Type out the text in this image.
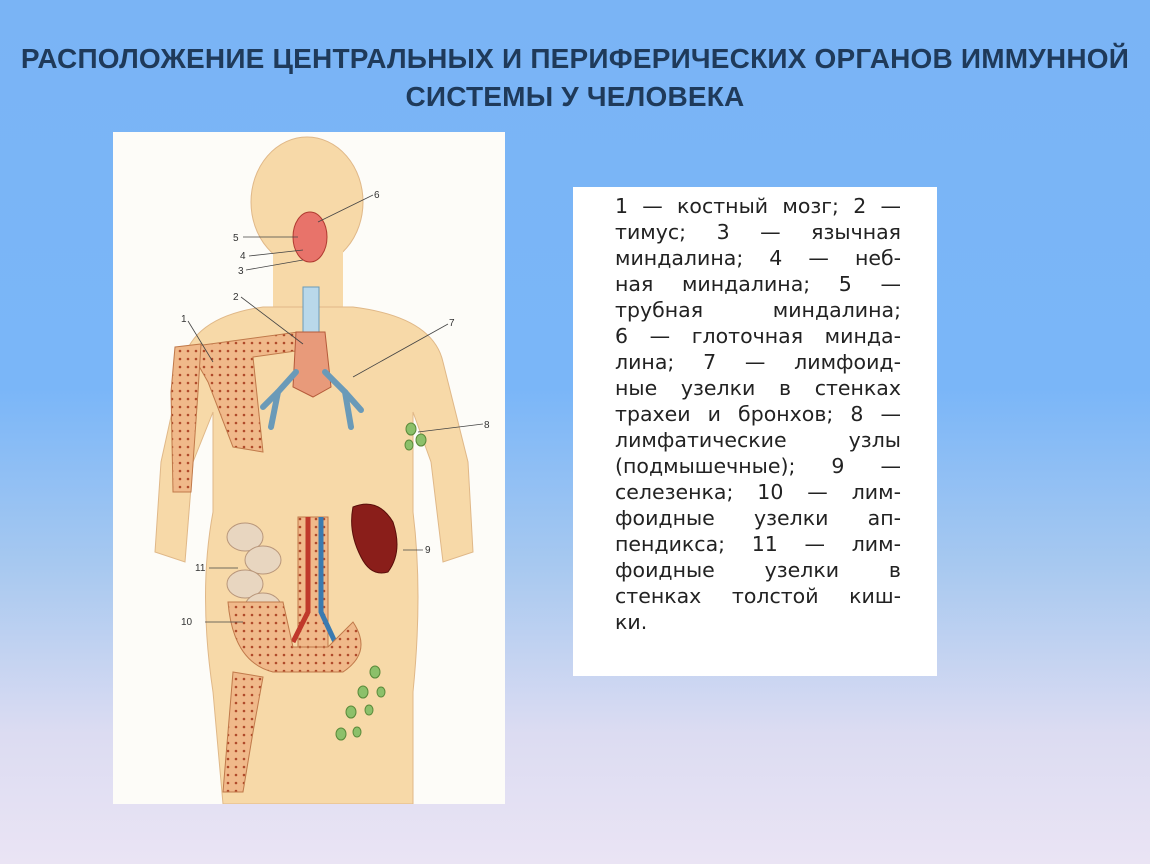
РАСПОЛОЖЕНИЕ ЦЕНТРАЛЬНЫХ И ПЕРИФЕРИЧЕСКИХ ОРГАНОВ ИММУННОЙ
СИСТЕМЫ У ЧЕЛОВЕКА
1
2
3
4
5
6
7
8
9
10
11
1 — костный мозг; 2 —
тимус; 3 — язычная
миндалина; 4 — неб-
ная миндалина; 5 —
трубная миндалина;
6 — глоточная минда-
лина; 7 — лимфоид-
ные узелки в стенках
трахеи и бронхов; 8 —
лимфатические узлы
(подмышечные); 9 —
селезенка; 10 — лим-
фоидные узелки ап-
пендикса; 11 — лим-
фоидные узелки в
стенках толстой киш-
ки.
